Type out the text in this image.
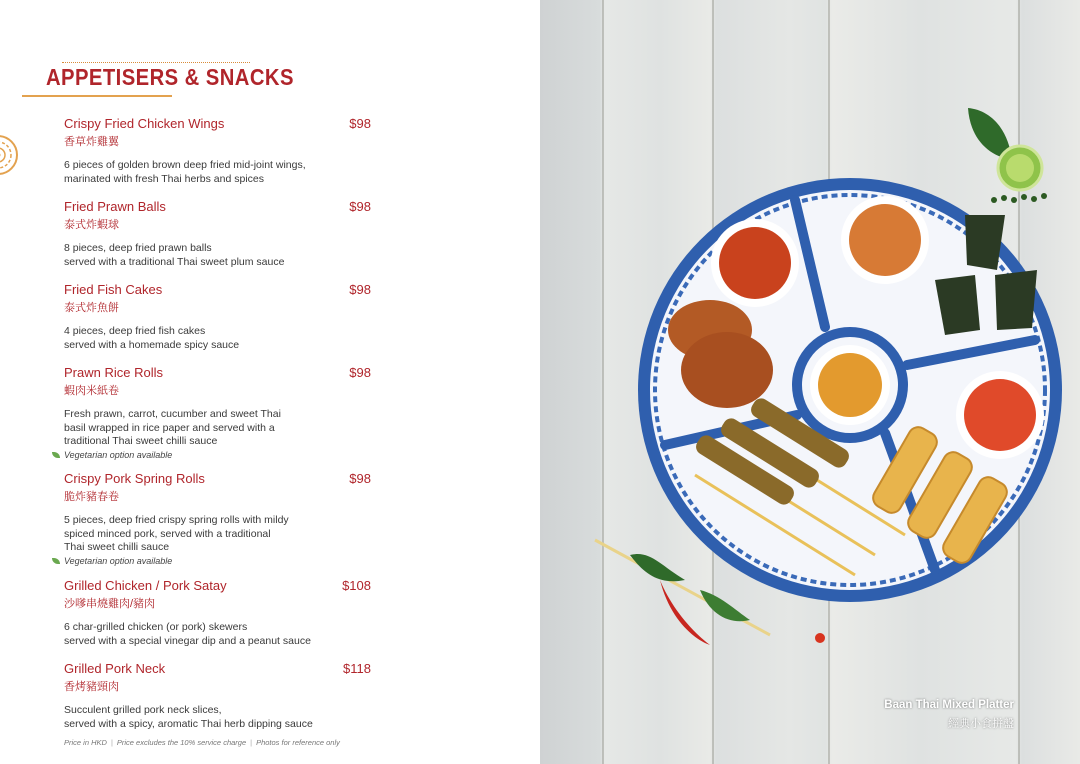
APPETISERS & SNACKS
Crispy Fried Chicken Wings	$98
香草炸雞翼
6 pieces of golden brown deep fried mid-joint wings,
marinated with fresh Thai herbs and spices
Fried Prawn Balls	$98
泰式炸蝦球
8 pieces, deep fried prawn balls
served with a traditional Thai sweet plum sauce
Fried Fish Cakes	$98
泰式炸魚餅
4 pieces, deep fried fish cakes
served with a homemade spicy sauce
Prawn Rice Rolls	$98
蝦肉米紙卷
Fresh prawn, carrot, cucumber and sweet Thai
basil wrapped in rice paper and served with a
traditional Thai sweet chilli sauce
Vegetarian option available
Crispy Pork Spring Rolls	$98
脆炸豬春卷
5 pieces, deep fried crispy spring rolls with mildy
spiced minced pork, served with a traditional
Thai sweet chilli sauce
Vegetarian option available
Grilled Chicken / Pork Satay	$108
沙嗲串燒雞肉/豬肉
6 char-grilled chicken (or pork) skewers
served with a special vinegar dip and a peanut sauce
Grilled Pork Neck	$118
香烤豬頸肉
Succulent grilled pork neck slices,
served with a spicy, aromatic Thai herb dipping sauce
Price in HKD | Price excludes the 10% service charge | Photos for reference only
Baan Thai Mixed Platter
經典小食拼盤
